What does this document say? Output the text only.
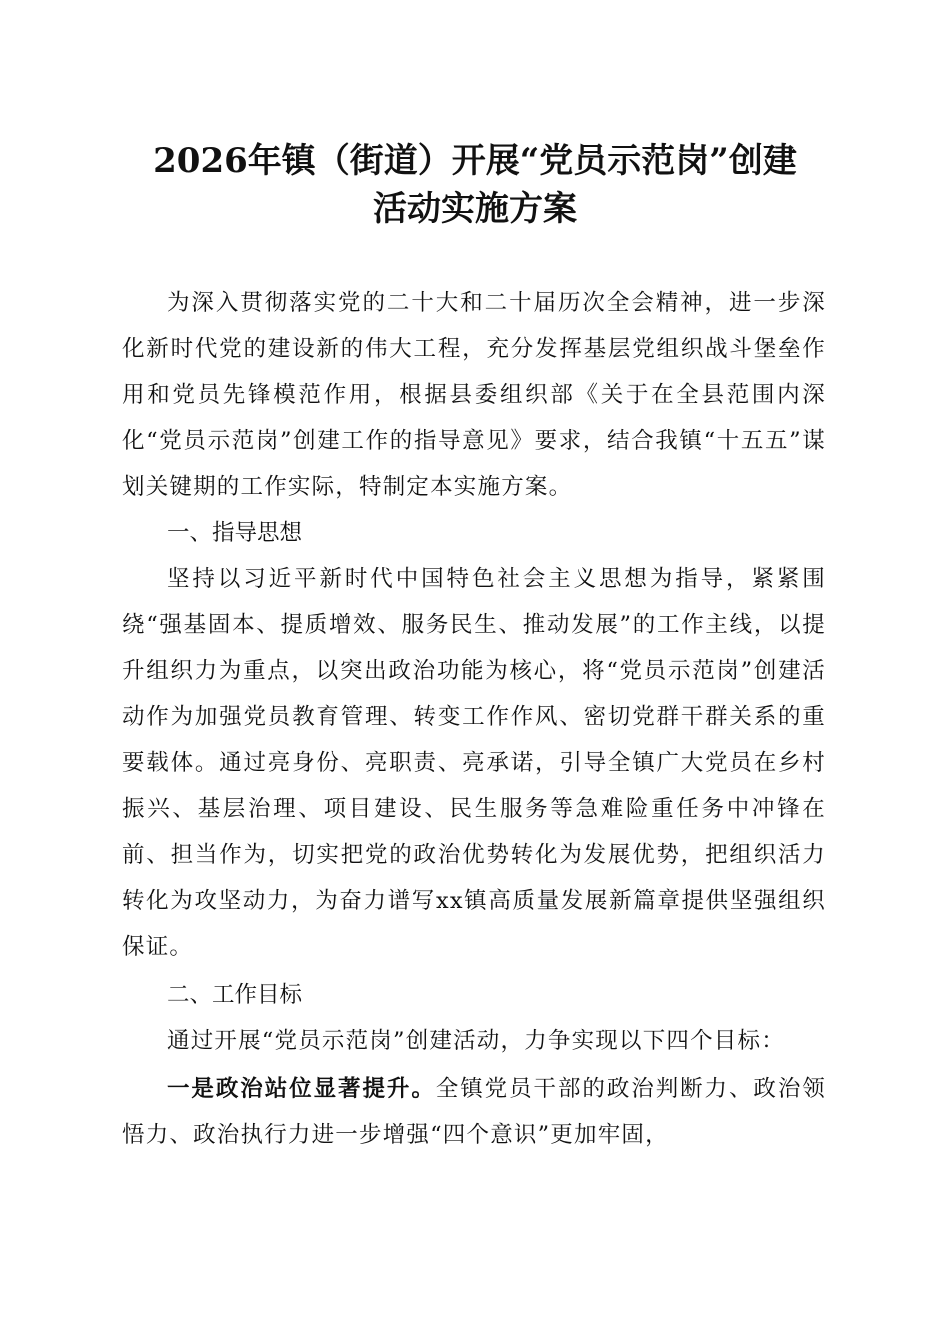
2026年镇（街道）开展“党员示范岗”创建
活动实施方案

为深入贯彻落实党的二十大和二十届历次全会精神，进一步深化新时代党的建设新的伟大工程，充分发挥基层党组织战斗堡垒作用和党员先锋模范作用，根据县委组织部《关于在全县范围内深化“党员示范岗”创建工作的指导意见》要求，结合我镇“十五五”谋划关键期的工作实际，特制定本实施方案。

一、指导思想

坚持以习近平新时代中国特色社会主义思想为指导，紧紧围绕“强基固本、提质增效、服务民生、推动发展”的工作主线，以提升组织力为重点，以突出政治功能为核心，将“党员示范岗”创建活动作为加强党员教育管理、转变工作作风、密切党群干群关系的重要载体。通过亮身份、亮职责、亮承诺，引导全镇广大党员在乡村振兴、基层治理、项目建设、民生服务等急难险重任务中冲锋在前、担当作为，切实把党的政治优势转化为发展优势，把组织活力转化为攻坚动力，为奋力谱写xx镇高质量发展新篇章提供坚强组织保证。

二、工作目标

通过开展“党员示范岗”创建活动，力争实现以下四个目标：

一是政治站位显著提升。全镇党员干部的政治判断力、政治领悟力、政治执行力进一步增强“四个意识”更加牢固，
